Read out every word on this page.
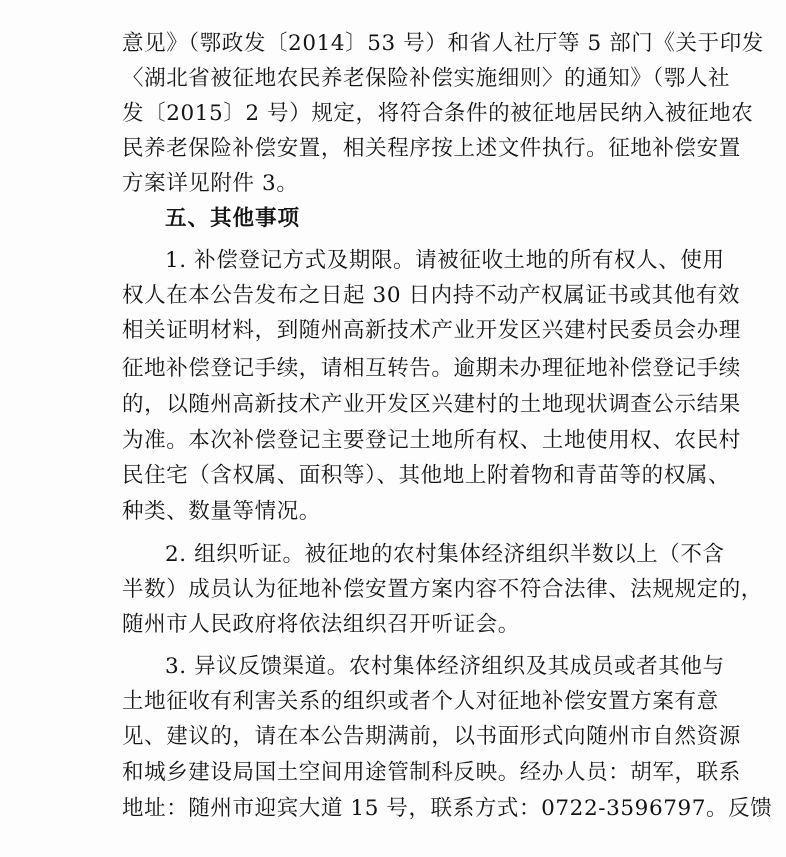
意见》（鄂政发〔2014〕53 号）和省人社厅等 5 部门《关于印发
〈湖北省被征地农民养老保险补偿实施细则〉的通知》（鄂人社
发〔2015〕2 号）规定，将符合条件的被征地居民纳入被征地农
民养老保险补偿安置，相关程序按上述文件执行。征地补偿安置
方案详见附件 3。
五、其他事项
1. 补偿登记方式及期限。请被征收土地的所有权人、使用
权人在本公告发布之日起 30 日内持不动产权属证书或其他有效
相关证明材料，到随州高新技术产业开发区兴建村民委员会办理
征地补偿登记手续，请相互转告。逾期未办理征地补偿登记手续
的，以随州高新技术产业开发区兴建村的土地现状调查公示结果
为准。本次补偿登记主要登记土地所有权、土地使用权、农民村
民住宅（含权属、面积等）、其他地上附着物和青苗等的权属、
种类、数量等情况。
2. 组织听证。被征地的农村集体经济组织半数以上（不含
半数）成员认为征地补偿安置方案内容不符合法律、法规规定的，
随州市人民政府将依法组织召开听证会。
3. 异议反馈渠道。农村集体经济组织及其成员或者其他与
土地征收有利害关系的组织或者个人对征地补偿安置方案有意
见、建议的，请在本公告期满前，以书面形式向随州市自然资源
和城乡建设局国土空间用途管制科反映。经办人员：胡军，联系
地址：随州市迎宾大道 15 号，联系方式：0722-3596797。反馈
